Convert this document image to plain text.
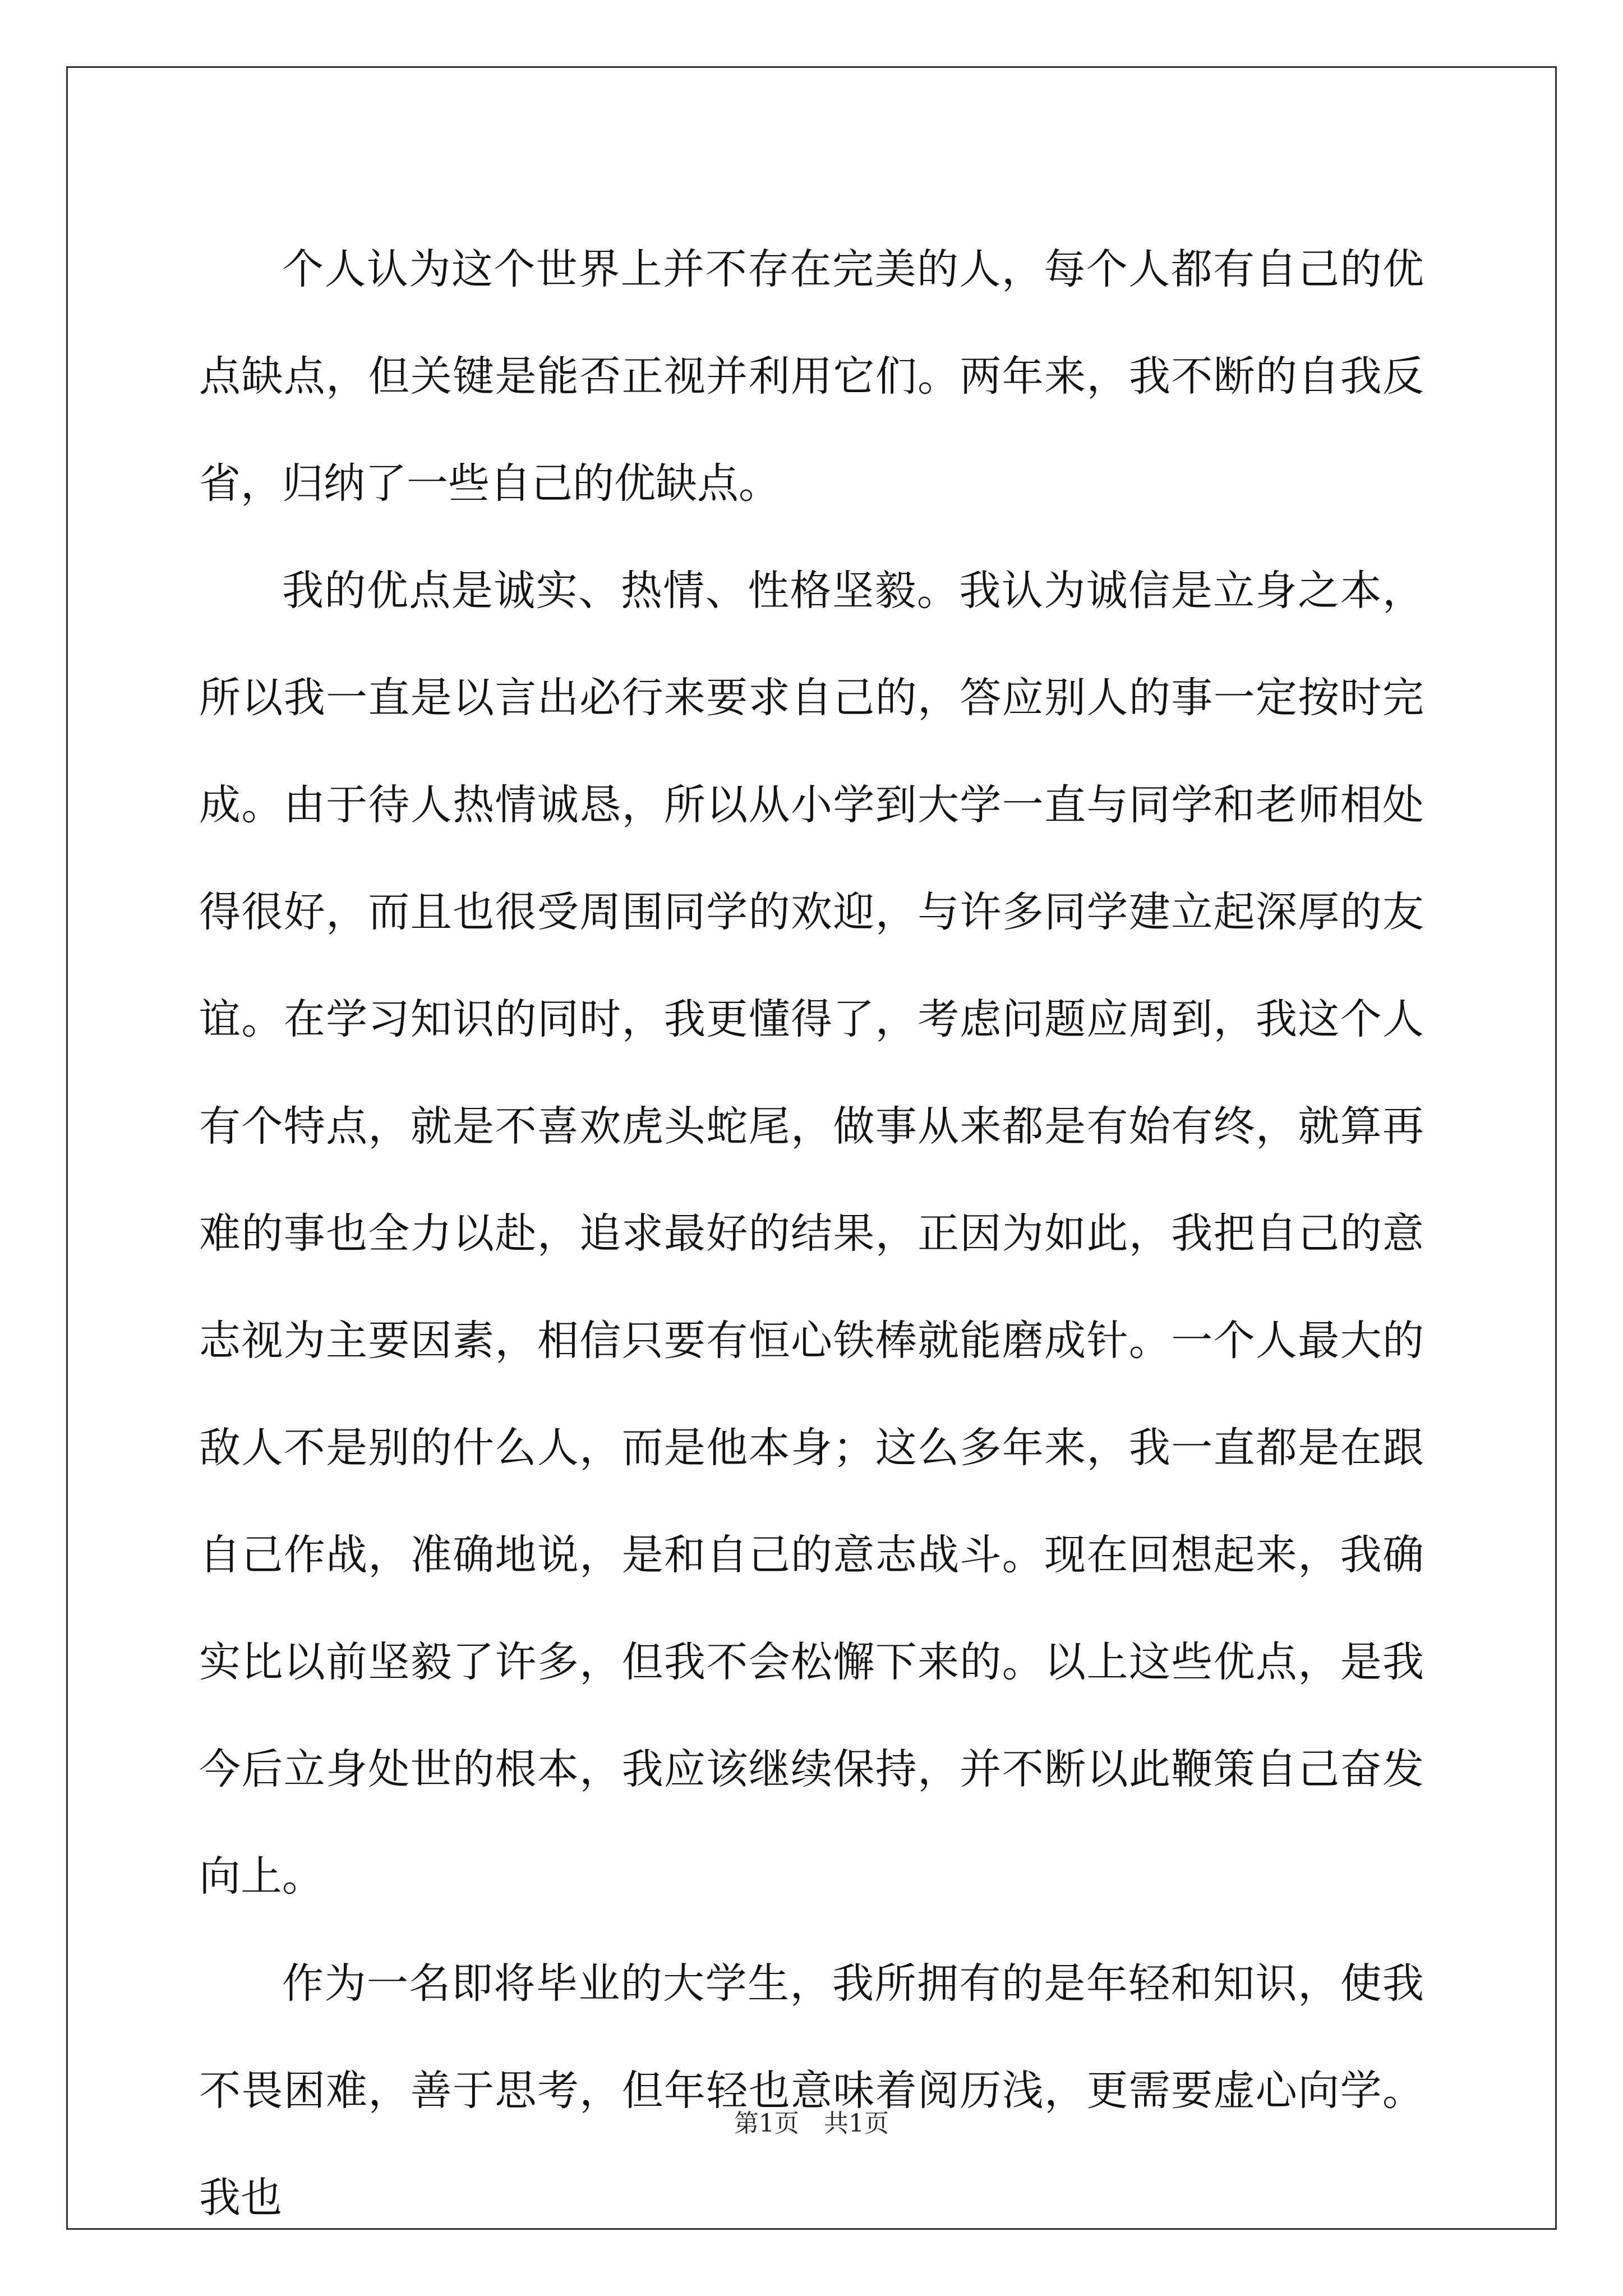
个人认为这个世界上并不存在完美的人，每个人都有自己的优点缺点，但关键是能否正视并利用它们。两年来，我不断的自我反省，归纳了一些自己的优缺点。

我的优点是诚实、热情、性格坚毅。我认为诚信是立身之本，所以我一直是以言出必行来要求自己的，答应别人的事一定按时完成。由于待人热情诚恳，所以从小学到大学一直与同学和老师相处得很好，而且也很受周围同学的欢迎，与许多同学建立起深厚的友谊。在学习知识的同时，我更懂得了，考虑问题应周到，我这个人有个特点，就是不喜欢虎头蛇尾，做事从来都是有始有终，就算再难的事也全力以赴，追求最好的结果，正因为如此，我把自己的意志视为主要因素，相信只要有恒心铁棒就能磨成针。一个人最大的敌人不是别的什么人，而是他本身；这么多年来，我一直都是在跟自己作战，准确地说，是和自己的意志战斗。现在回想起来，我确实比以前坚毅了许多，但我不会松懈下来的。以上这些优点，是我今后立身处世的根本，我应该继续保持，并不断以此鞭策自己奋发向上。

作为一名即将毕业的大学生，我所拥有的是年轻和知识，使我不畏困难，善于思考，但年轻也意味着阅历浅，更需要虚心向学。我也

第1页　共1页
